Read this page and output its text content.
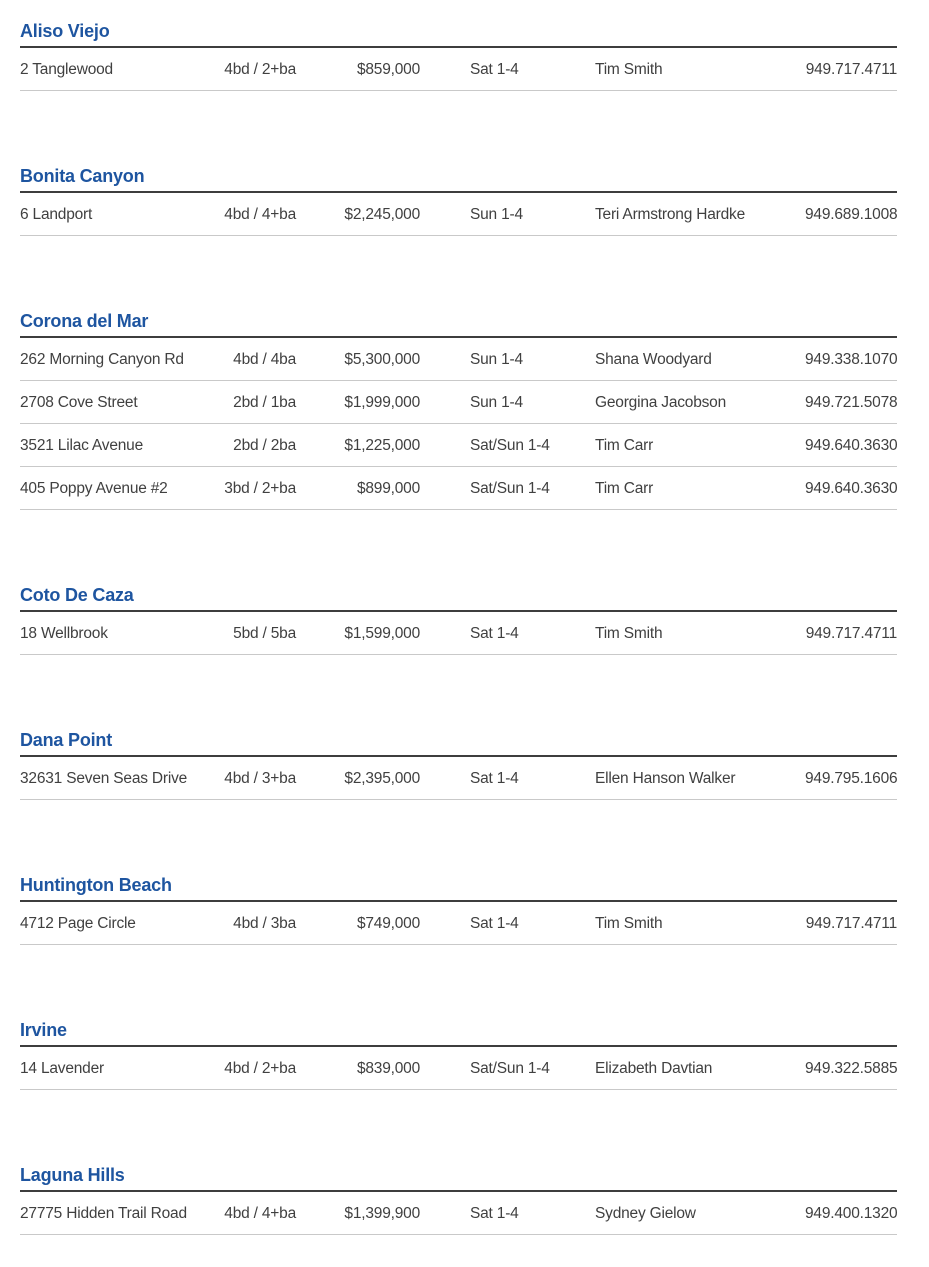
Aliso Viejo
2 Tanglewood	4bd / 2+ba	$859,000	Sat 1-4	Tim Smith	949.717.4711
Bonita Canyon
6 Landport	4bd / 4+ba	$2,245,000	Sun 1-4	Teri Armstrong Hardke	949.689.1008
Corona del Mar
262 Morning Canyon Rd	4bd / 4ba	$5,300,000	Sun 1-4	Shana Woodyard	949.338.1070
2708 Cove Street	2bd / 1ba	$1,999,000	Sun 1-4	Georgina Jacobson	949.721.5078
3521 Lilac Avenue	2bd / 2ba	$1,225,000	Sat/Sun 1-4	Tim Carr	949.640.3630
405 Poppy Avenue #2	3bd / 2+ba	$899,000	Sat/Sun 1-4	Tim Carr	949.640.3630
Coto De Caza
18 Wellbrook	5bd / 5ba	$1,599,000	Sat 1-4	Tim Smith	949.717.4711
Dana Point
32631 Seven Seas Drive	4bd / 3+ba	$2,395,000	Sat 1-4	Ellen Hanson Walker	949.795.1606
Huntington Beach
4712 Page Circle	4bd / 3ba	$749,000	Sat 1-4	Tim Smith	949.717.4711
Irvine
14 Lavender	4bd / 2+ba	$839,000	Sat/Sun 1-4	Elizabeth Davtian	949.322.5885
Laguna Hills
27775 Hidden Trail Road	4bd / 4+ba	$1,399,900	Sat 1-4	Sydney Gielow	949.400.1320
